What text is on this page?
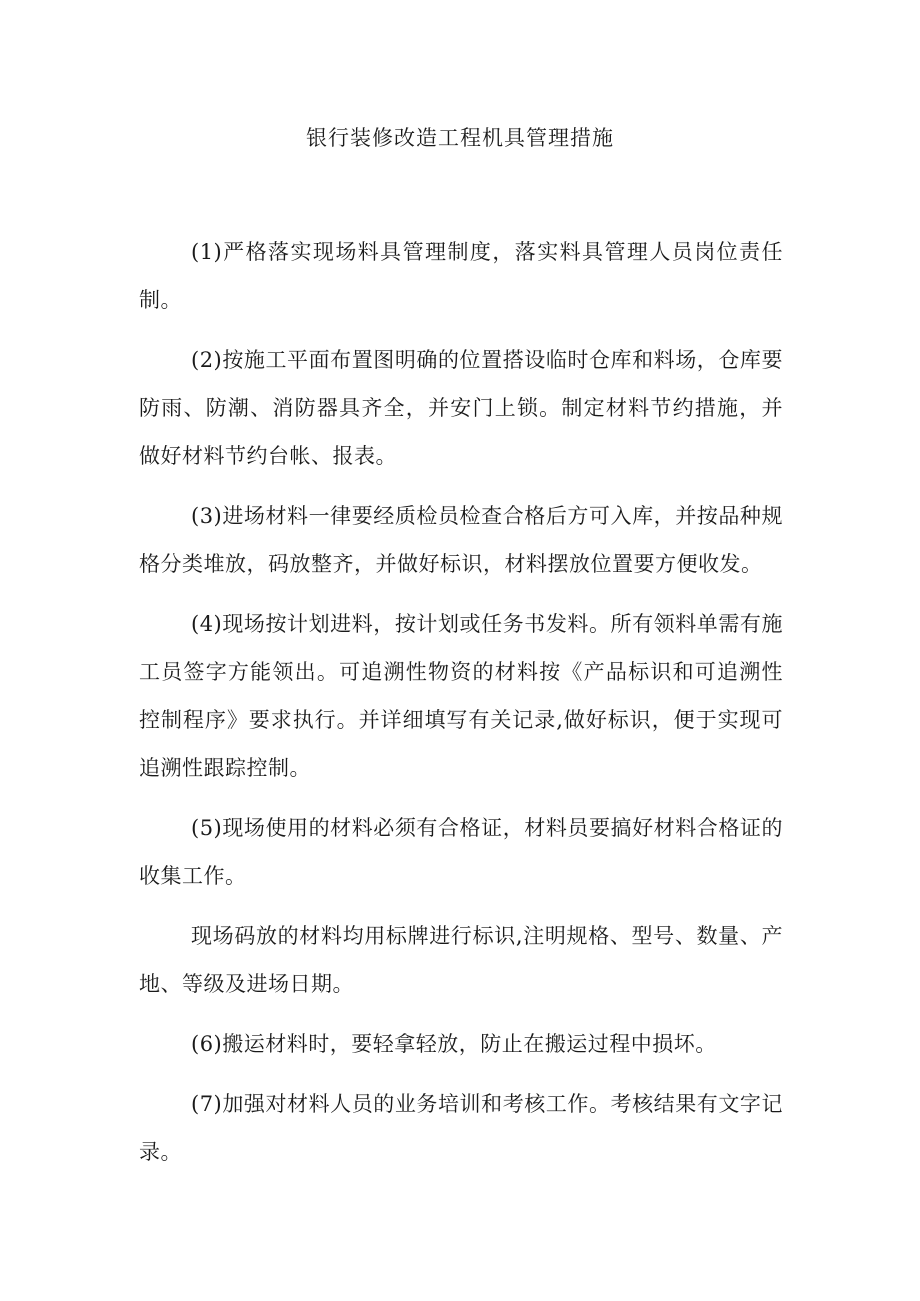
银行装修改造工程机具管理措施

(1)严格落实现场料具管理制度，落实料具管理人员岗位责任制。

(2)按施工平面布置图明确的位置搭设临时仓库和料场，仓库要防雨、防潮、消防器具齐全，并安门上锁。制定材料节约措施，并做好材料节约台帐、报表。

(3)进场材料一律要经质检员检查合格后方可入库，并按品种规格分类堆放，码放整齐，并做好标识，材料摆放位置要方便收发。

(4)现场按计划进料，按计划或任务书发料。所有领料单需有施工员签字方能领出。可追溯性物资的材料按《产品标识和可追溯性控制程序》要求执行。并详细填写有关记录,做好标识，便于实现可追溯性跟踪控制。

(5)现场使用的材料必须有合格证，材料员要搞好材料合格证的收集工作。

现场码放的材料均用标牌进行标识,注明规格、型号、数量、产地、等级及进场日期。

(6)搬运材料时，要轻拿轻放，防止在搬运过程中损坏。

(7)加强对材料人员的业务培训和考核工作。考核结果有文字记录。
